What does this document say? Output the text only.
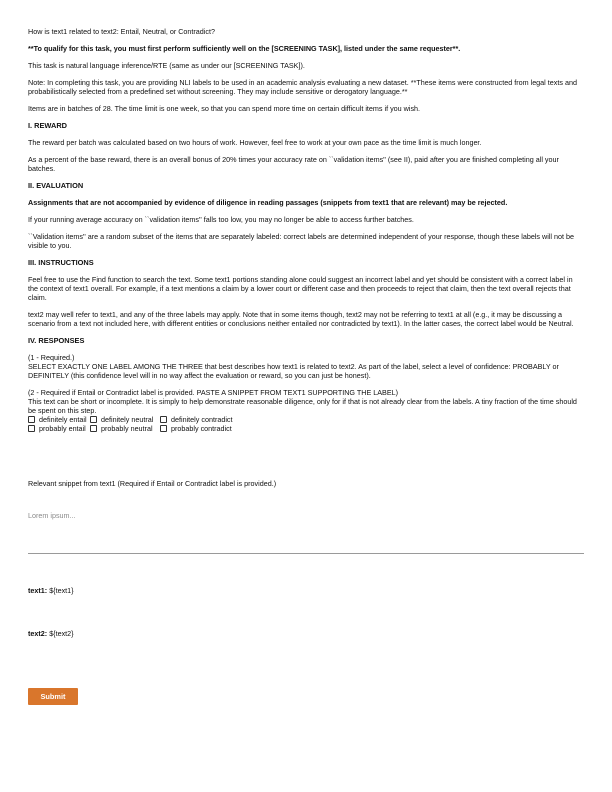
How is text1 related to text2: Entail, Neutral, or Contradict?

**To qualify for this task, you must first perform sufficiently well on the [SCREENING TASK], listed under the same requester**.

This task is natural language inference/RTE (same as under our [SCREENING TASK]).

Note: In completing this task, you are providing NLI labels to be used in an academic analysis evaluating a new dataset. **These items were constructed from legal texts and probabilistically selected from a predefined set without screening. They may include sensitive or derogatory language.**

Items are in batches of 28. The time limit is one week, so that you can spend more time on certain difficult items if you wish.

I. REWARD

The reward per batch was calculated based on two hours of work. However, feel free to work at your own pace as the time limit is much longer.

As a percent of the base reward, there is an overall bonus of 20% times your accuracy rate on ``validation items'' (see II), paid after you are finished completing all your batches.

II. EVALUATION

Assignments that are not accompanied by evidence of diligence in reading passages (snippets from text1 that are relevant) may be rejected.

If your running average accuracy on ``validation items'' falls too low, you may no longer be able to access further batches.

``Validation items'' are a random subset of the items that are separately labeled: correct labels are determined independent of your response, though these labels will not be visible to you.

III. INSTRUCTIONS

Feel free to use the Find function to search the text. Some text1 portions standing alone could suggest an incorrect label and yet should be consistent with a correct label in the context of text1 overall. For example, if a text mentions a claim by a lower court or different case and then proceeds to reject that claim, then the text overall rejects that claim.

text2 may well refer to text1, and any of the three labels may apply. Note that in some items though, text2 may not be referring to text1 at all (e.g., it may be discussing a scenario from a text not included here, with different entities or conclusions neither entailed nor contradicted by text1). In the latter cases, the correct label would be Neutral.

IV. RESPONSES

(1 - Required.)
SELECT EXACTLY ONE LABEL AMONG THE THREE that best describes how text1 is related to text2. As part of the label, select a level of confidence: PROBABLY or DEFINITELY (this confidence level will in no way affect the evaluation or reward, so you can just be honest).

(2 - Required if Entail or Contradict label is provided. PASTE A SNIPPET FROM TEXT1 SUPPORTING THE LABEL)
This text can be short or incomplete. It is simply to help demonstrate reasonable diligence, only for if that is not already clear from the labels. A tiny fraction of the time should be spent on this step.
definitely entail definitely neutral definitely contradict
probably entail probably neutral	probably contradict
Relevant snippet from text1 (Required if Entail or Contradict label is provided.)
Lorem ipsum...
text1: ${text1}
text2: ${text2}
Submit
